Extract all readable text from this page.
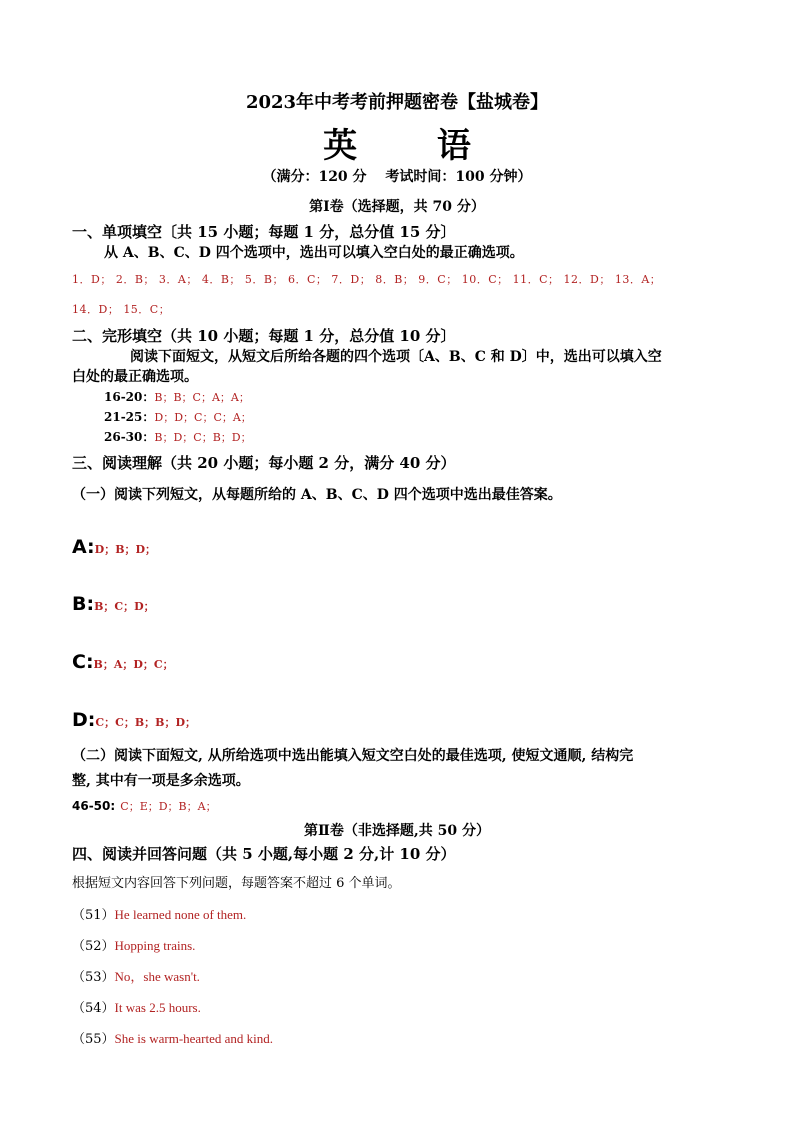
2023年中考考前押题密卷【盐城卷】
英 语
（满分：120 分　 考试时间：100 分钟）
第Ⅰ卷（选择题，共 70 分）
一、单项填空〔共 15 小题；每题 1 分，总分值 15 分〕
从 A、B、C、D 四个选项中，选出可以填入空白处的最正确选项。
1．D； 2．B； 3．A； 4．B； 5．B； 6．C； 7．D； 8．B； 9．C； 10．C； 11．C； 12．D； 13．A；
14．D； 15．C；
二、完形填空（共 10 小题；每题 1 分，总分值 10 分〕
阅读下面短文，从短文后所给各题的四个选项〔A、B、C 和 D〕中，选出可以填入空
白处的最正确选项。
16-20：B；B；C；A；A；
21-25：D；D；C；C；A；
26-30：B；D；C；B；D；
三、阅读理解（共 20 小题；每小题 2 分，满分 40 分）
（一）阅读下列短文，从每题所给的 A、B、C、D 四个选项中选出最佳答案。
A:D；B；D；
B:B；C；D；
C:B；A；D；C；
D:C；C；B；B；D；
（二）阅读下面短文, 从所给选项中选出能填入短文空白处的最佳选项, 使短文通顺, 结构完
整, 其中有一项是多余选项。
46-50: C；E；D；B；A；
第Ⅱ卷（非选择题,共 50 分）
四、阅读并回答问题（共 5 小题,每小题 2 分,计 10 分）
根据短文内容回答下列问题，每题答案不超过 6 个单词。
（51）He learned none of them.
（52）Hopping trains.
（53）No，she wasn't.
（54）It was 2.5 hours.
（55）She is warm-hearted and kind.
